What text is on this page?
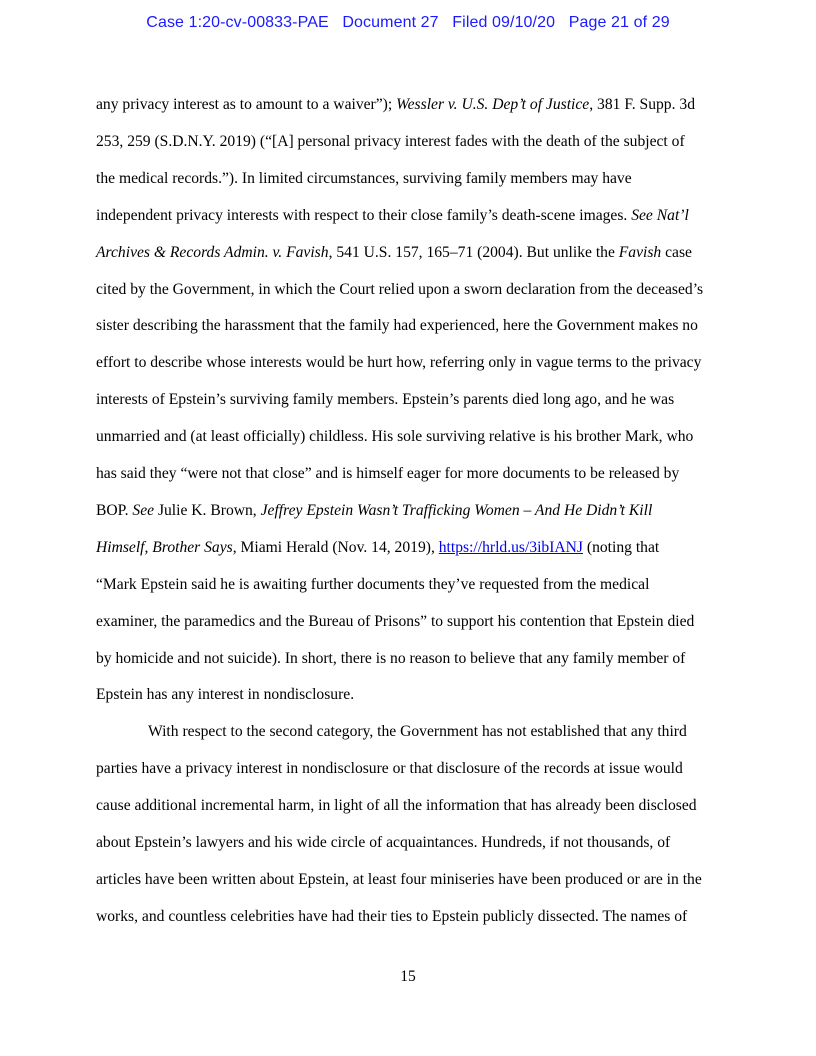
Case 1:20-cv-00833-PAE Document 27 Filed 09/10/20 Page 21 of 29
any privacy interest as to amount to a waiver”); Wessler v. U.S. Dep’t of Justice, 381 F. Supp. 3d
253, 259 (S.D.N.Y. 2019) (“[A] personal privacy interest fades with the death of the subject of
the medical records.”). In limited circumstances, surviving family members may have
independent privacy interests with respect to their close family’s death-scene images. See Nat’l
Archives & Records Admin. v. Favish, 541 U.S. 157, 165–71 (2004). But unlike the Favish case
cited by the Government, in which the Court relied upon a sworn declaration from the deceased’s
sister describing the harassment that the family had experienced, here the Government makes no
effort to describe whose interests would be hurt how, referring only in vague terms to the privacy
interests of Epstein’s surviving family members. Epstein’s parents died long ago, and he was
unmarried and (at least officially) childless. His sole surviving relative is his brother Mark, who
has said they “were not that close” and is himself eager for more documents to be released by
BOP. See Julie K. Brown, Jeffrey Epstein Wasn’t Trafficking Women – And He Didn’t Kill
Himself, Brother Says, Miami Herald (Nov. 14, 2019), https://hrld.us/3ibIANJ (noting that
“Mark Epstein said he is awaiting further documents they’ve requested from the medical
examiner, the paramedics and the Bureau of Prisons” to support his contention that Epstein died
by homicide and not suicide). In short, there is no reason to believe that any family member of
Epstein has any interest in nondisclosure.
With respect to the second category, the Government has not established that any third
parties have a privacy interest in nondisclosure or that disclosure of the records at issue would
cause additional incremental harm, in light of all the information that has already been disclosed
about Epstein’s lawyers and his wide circle of acquaintances. Hundreds, if not thousands, of
articles have been written about Epstein, at least four miniseries have been produced or are in the
works, and countless celebrities have had their ties to Epstein publicly dissected. The names of
15
